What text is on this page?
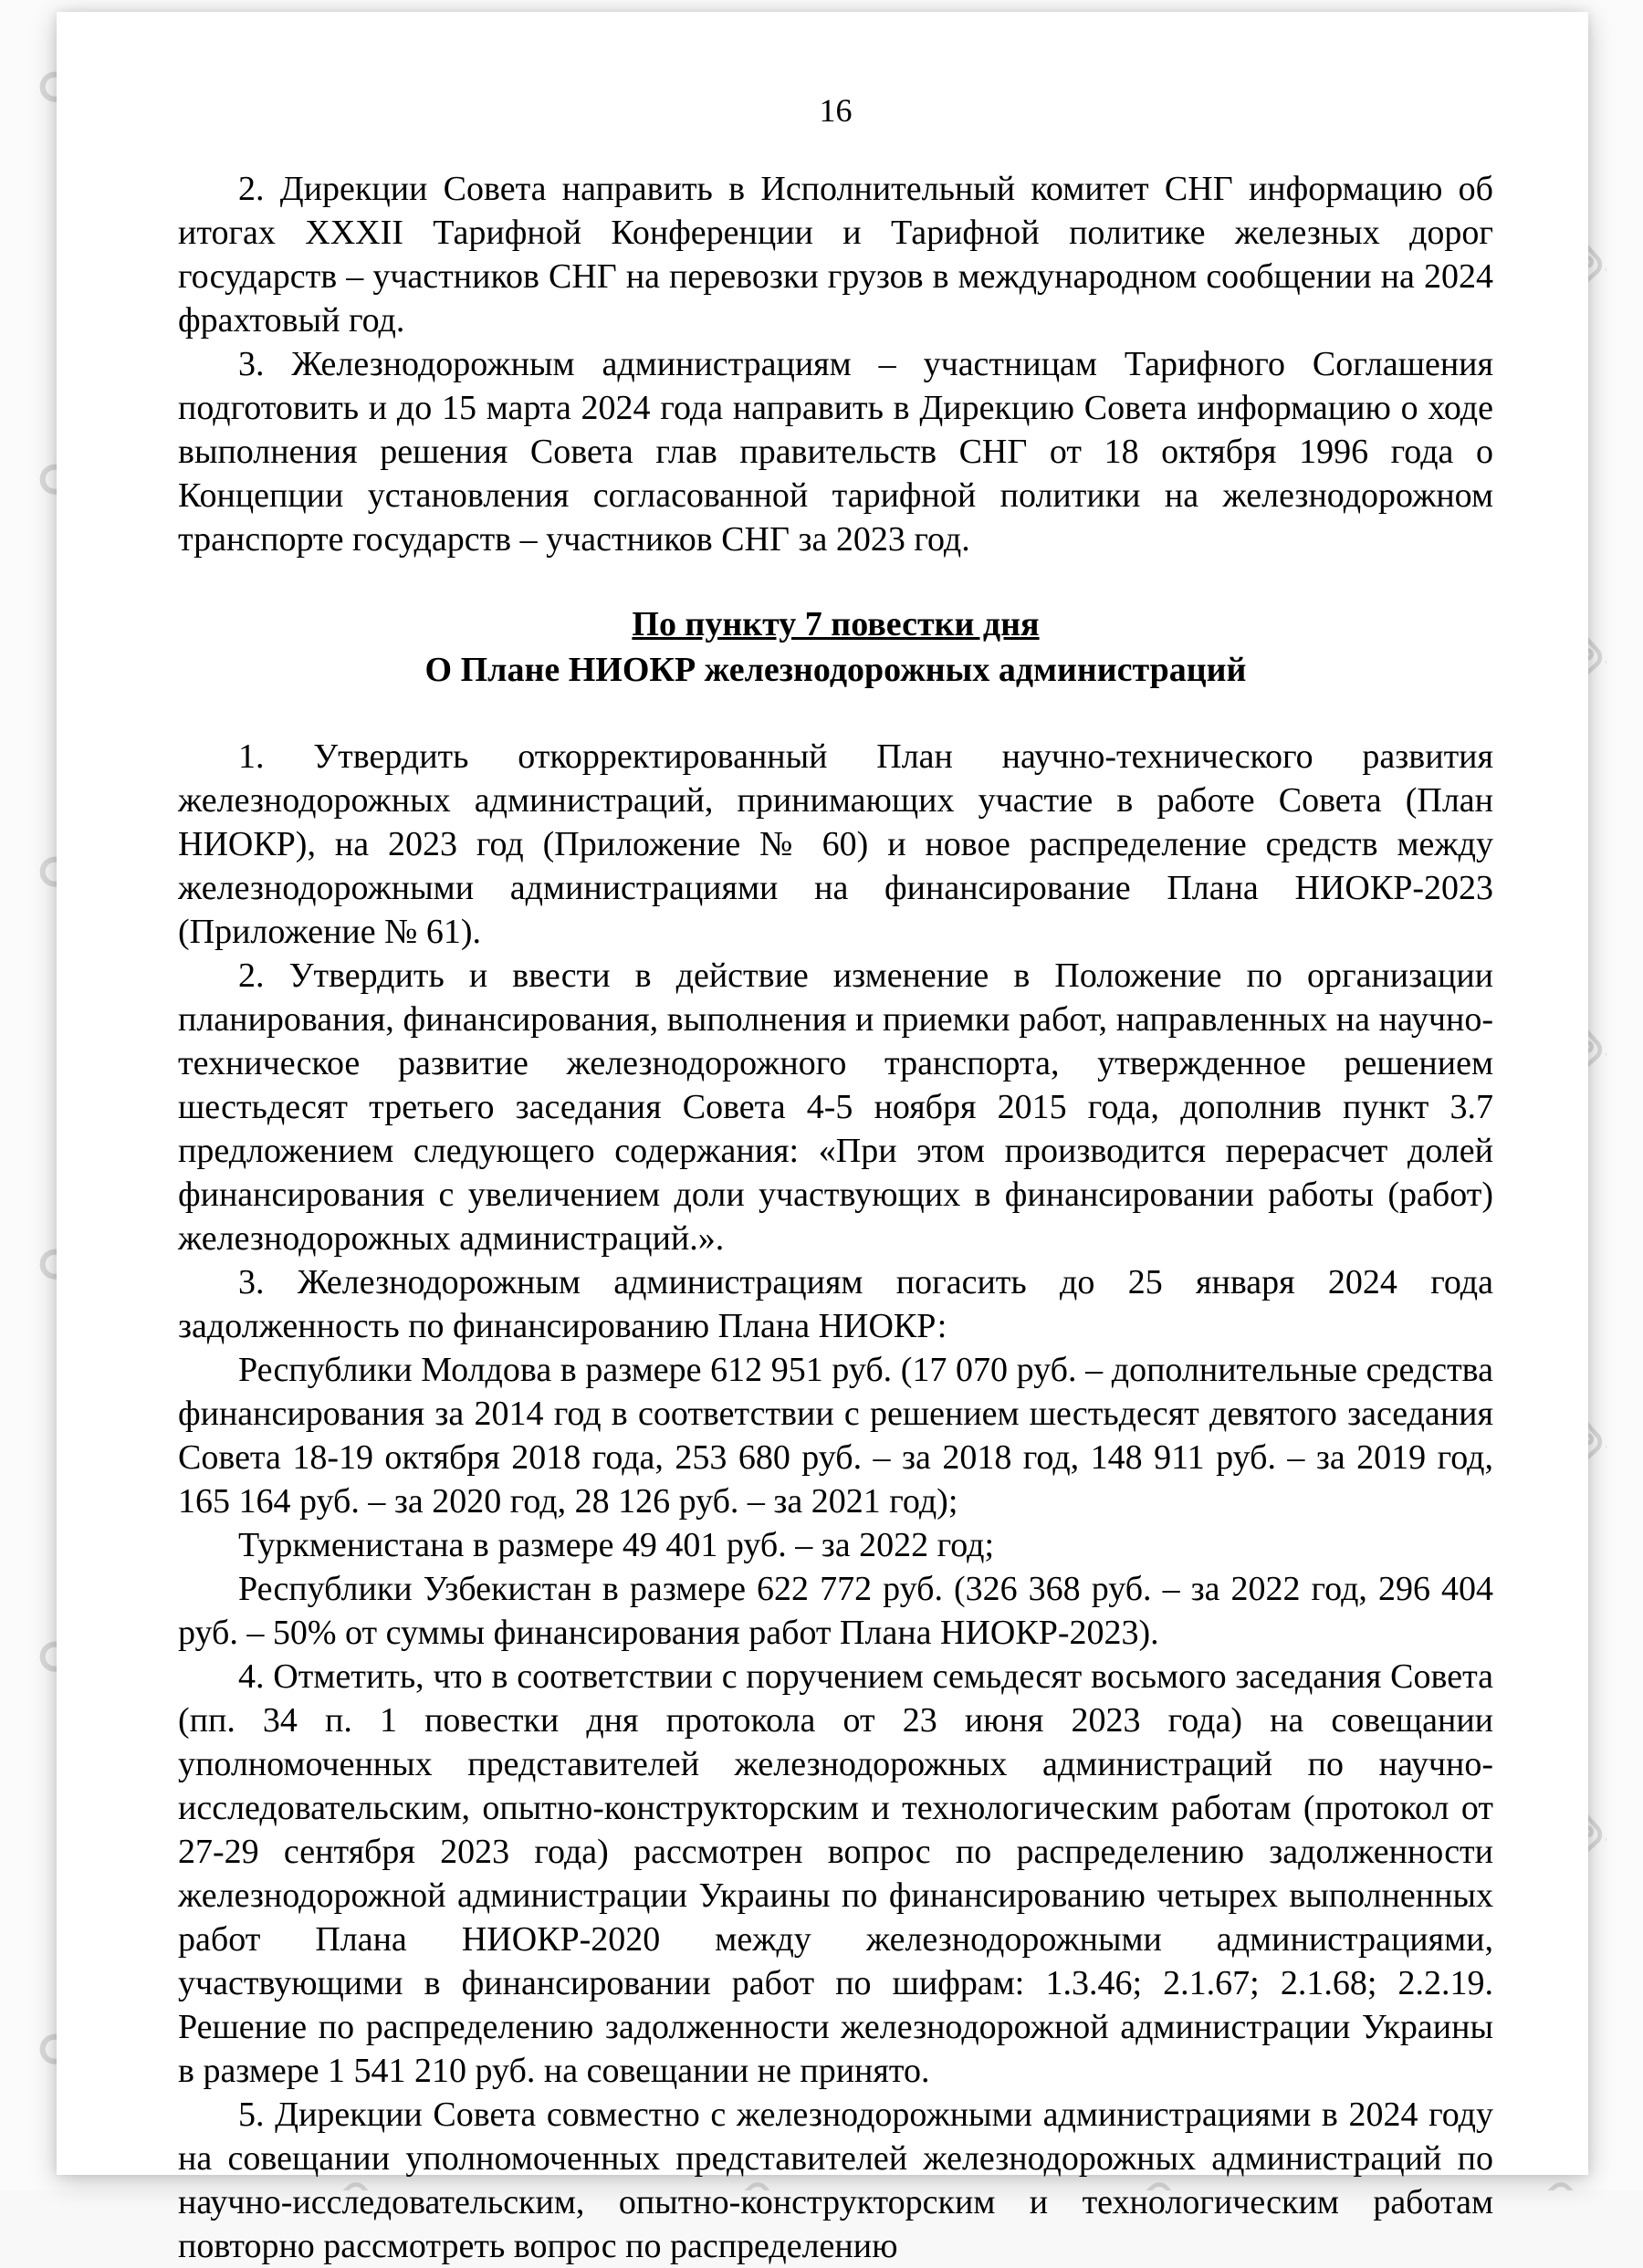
16

2. Дирекции Совета направить в Исполнительный комитет СНГ информацию об итогах XXXII Тарифной Конференции и Тарифной политике железных дорог государств – участников СНГ на перевозки грузов в международном сообщении на 2024 фрахтовый год.

3. Железнодорожным администрациям – участницам Тарифного Соглашения подготовить и до 15 марта 2024 года направить в Дирекцию Совета информацию о ходе выполнения решения Совета глав правительств СНГ от 18 октября 1996 года о Концепции установления согласованной тарифной политики на железнодорожном транспорте государств – участников СНГ за 2023 год.

По пункту 7 повестки дня
О Плане НИОКР железнодорожных администраций

1. Утвердить откорректированный План научно-технического развития железнодорожных администраций, принимающих участие в работе Совета (План НИОКР), на 2023 год (Приложение № 60) и новое распределение средств между железнодорожными администрациями на финансирование Плана НИОКР-2023 (Приложение № 61).

2. Утвердить и ввести в действие изменение в Положение по организации планирования, финансирования, выполнения и приемки работ, направленных на научно-техническое развитие железнодорожного транспорта, утвержденное решением шестьдесят третьего заседания Совета 4-5 ноября 2015 года, дополнив пункт 3.7 предложением следующего содержания: «При этом производится перерасчет долей финансирования с увеличением доли участвующих в финансировании работы (работ) железнодорожных администраций.».

3. Железнодорожным администрациям погасить до 25 января 2024 года задолженность по финансированию Плана НИОКР:

Республики Молдова в размере 612 951 руб. (17 070 руб. – дополнительные средства финансирования за 2014 год в соответствии с решением шестьдесят девятого заседания Совета 18-19 октября 2018 года, 253 680 руб. – за 2018 год, 148 911 руб. – за 2019 год, 165 164 руб. – за 2020 год, 28 126 руб. – за 2021 год);

Туркменистана в размере 49 401 руб. – за 2022 год;

Республики Узбекистан в размере 622 772 руб. (326 368 руб. – за 2022 год, 296 404 руб. – 50% от суммы финансирования работ Плана НИОКР-2023).

4. Отметить, что в соответствии с поручением семьдесят восьмого заседания Совета (пп. 34 п. 1 повестки дня протокола от 23 июня 2023 года) на совещании уполномоченных представителей железнодорожных администраций по научно-исследовательским, опытно-конструкторским и технологическим работам (протокол от 27-29 сентября 2023 года) рассмотрен вопрос по распределению задолженности железнодорожной администрации Украины по финансированию четырех выполненных работ Плана НИОКР-2020 между железнодорожными администрациями, участвующими в финансировании работ по шифрам: 1.3.46; 2.1.67; 2.1.68; 2.2.19. Решение по распределению задолженности железнодорожной администрации Украины в размере 1 541 210 руб. на совещании не принято.

5. Дирекции Совета совместно с железнодорожными администрациями в 2024 году на совещании уполномоченных представителей железнодорожных администраций по научно-исследовательским, опытно-конструкторским и технологическим работам повторно рассмотреть вопрос по распределению
